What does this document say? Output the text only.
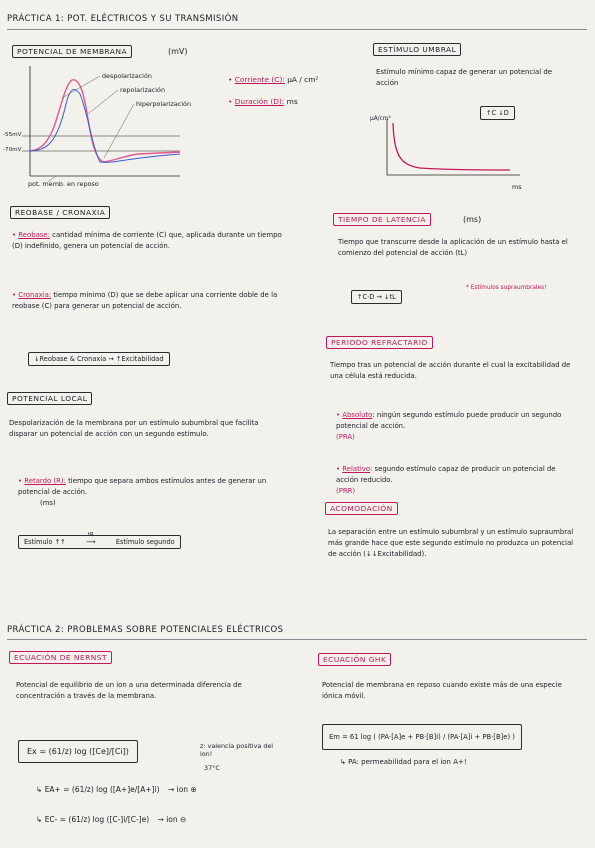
PRÁCTICA 1: POT. ELÉCTRICOS Y SU TRANSMISIÓN
POTENCIAL DE MEMBRANA	(mV)
despolarización
repolarización
hiperpolarización
-55mV
-70mV
pot. memb. en reposo
• Corriente (C): µA / cm²
• Duración (D): ms
ESTÍMULO UMBRAL
Estímulo mínimo capaz de generar un potencial de acción
↑C ↓D
µA/cm²
ms
REOBASE / CRONAXIA
• Reobase: cantidad mínima de corriente (C) que, aplicada durante un tiempo (D) indefinido, genera un potencial de acción.
• Cronaxia: tiempo mínimo (D) que se debe aplicar una corriente doble de la reobase (C) para generar un potencial de acción.
↓Reobase & Cronaxia → ↑Excitabilidad
TIEMPO DE LATENCIA	(ms)
Tiempo que transcurre desde la aplicación de un estímulo hasta el comienzo del potencial de acción (tL)
↑C·D → ↓tL
* Estímulos supraumbrales!
PERIODO REFRACTARIO
Tiempo tras un potencial de acción durante el cual la excitabilidad de una célula está reducida.
• Absoluto: ningún segundo estímulo puede producir un segundo potencial de acción.
(PRA)
• Relativo: segundo estímulo capaz de producir un potencial de acción reducido.
(PRR)
POTENCIAL LOCAL
Despolarización de la membrana por un estímulo subumbral que facilita disparar un potencial de acción con un segundo estímulo.
• Retardo (R): tiempo que separa ambos estímulos antes de generar un potencial de acción.
(ms)
Estímulo ↑↑
tR
⟶	Estímulo segundo
ACOMODACIÓN
La separación entre un estímulo subumbral y un estímulo supraumbral más grande hace que este segundo estímulo no produzca un potencial de acción (↓↓Excitabilidad).
PRÁCTICA 2: PROBLEMAS SOBRE POTENCIALES ELÉCTRICOS
ECUACIÓN DE NERNST
Potencial de equilibrio de un ion a una determinada diferencia de concentración a través de la membrana.
Ex = (61/z) log ([Ce]/[Ci])
z: valencia positiva del ion!
37°C
↳ EA+ = (61/z) log ([A+]e/[A+]i) → ion ⊕
↳ EC- = (61/z) log ([C-]i/[C-]e) → ion ⊖
ECUACIÓN GHK
Potencial de membrana en reposo cuando existe más de una especie iónica móvil.
Em = 61 log ( (PA·[A]e + PB·[B]i) / (PA·[A]i + PB·[B]e) )
↳ PA: permeabilidad para el ion A+!
